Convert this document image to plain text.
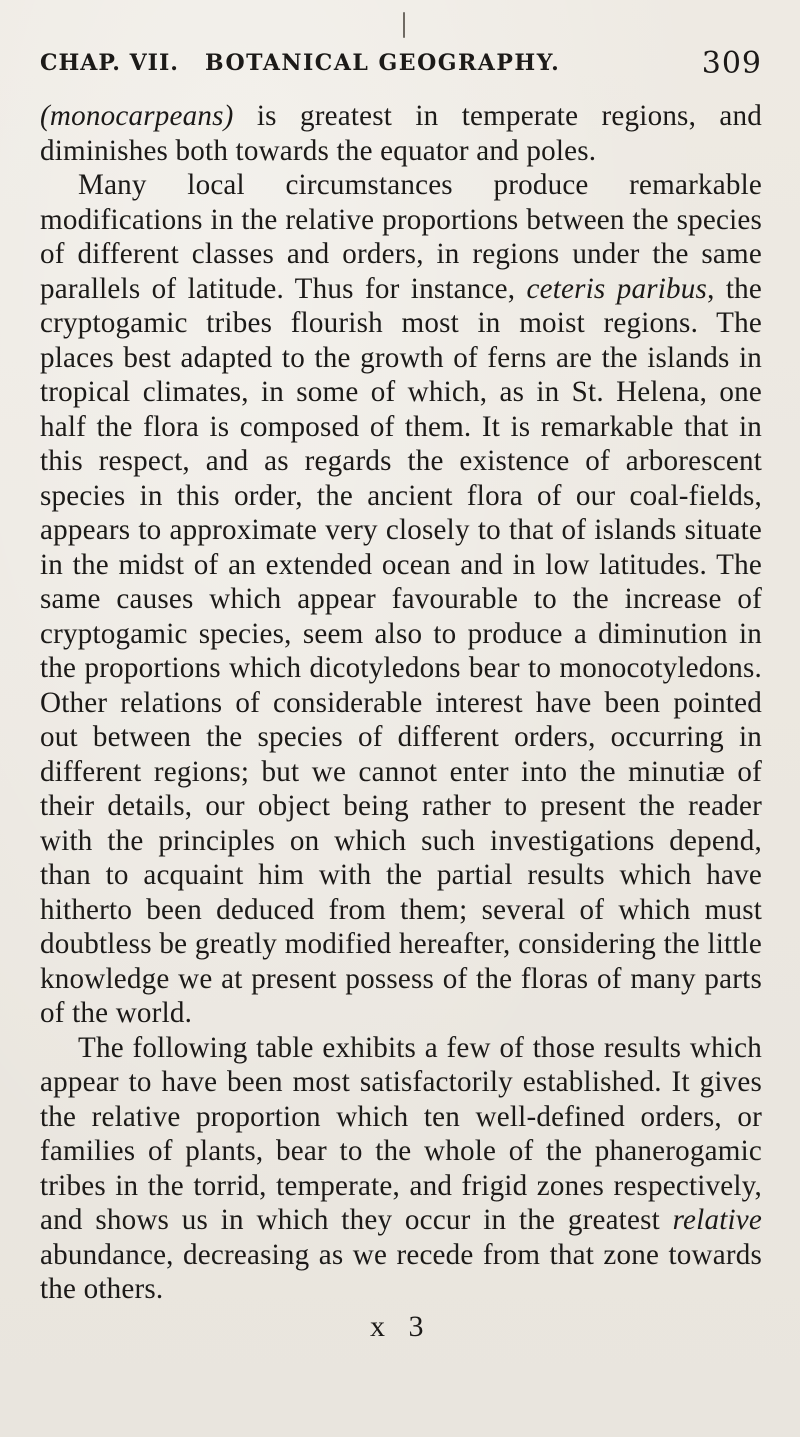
CHAP. VII. BOTANICAL GEOGRAPHY.	309

(monocarpeans) is greatest in temperate regions, and diminishes both towards the equator and poles.

Many local circumstances produce remarkable modifications in the relative proportions between the species of different classes and orders, in regions under the same parallels of latitude. Thus for instance, ceteris paribus, the cryptogamic tribes flourish most in moist regions. The places best adapted to the growth of ferns are the islands in tropical climates, in some of which, as in St. Helena, one half the flora is composed of them. It is remarkable that in this respect, and as regards the existence of arborescent species in this order, the ancient flora of our coal-fields, appears to approximate very closely to that of islands situate in the midst of an extended ocean and in low latitudes. The same causes which appear favourable to the increase of cryptogamic species, seem also to produce a diminution in the proportions which dicotyledons bear to monocotyledons. Other relations of considerable interest have been pointed out between the species of different orders, occurring in different regions; but we cannot enter into the minutiæ of their details, our object being rather to present the reader with the principles on which such investigations depend, than to acquaint him with the partial results which have hitherto been deduced from them; several of which must doubtless be greatly modified hereafter, considering the little knowledge we at present possess of the floras of many parts of the world.

The following table exhibits a few of those results which appear to have been most satisfactorily established. It gives the relative proportion which ten well-defined orders, or families of plants, bear to the whole of the phanerogamic tribes in the torrid, temperate, and frigid zones respectively, and shows us in which they occur in the greatest relative abundance, decreasing as we recede from that zone towards the others.

x 3
